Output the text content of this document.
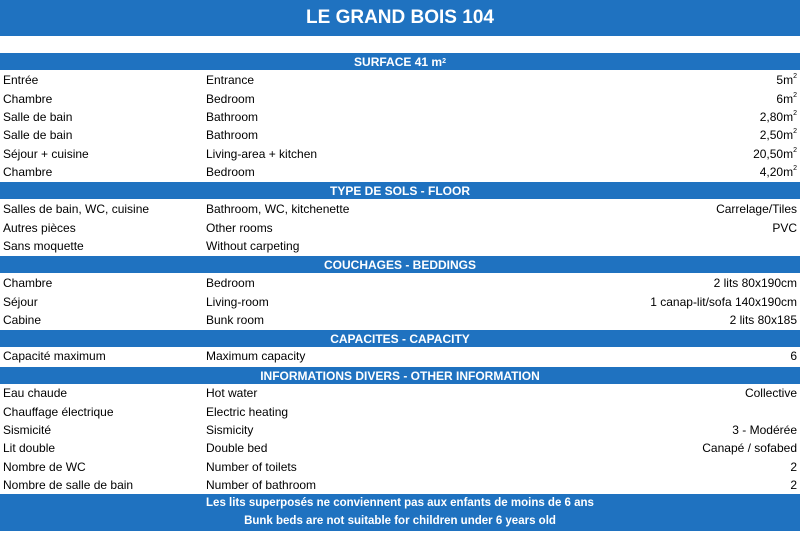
LE GRAND BOIS 104
SURFACE 41 m 2
Entrée	Entrance	$5m^2$
Chambre	Bedroom	$6m^2$
Salle de bain	Bathroom	$2,80m^2$
Salle de bain	Bathroom	$2,50m^2$
Séjour + cuisine	Living-area + kitchen	$20,50m^2$
Chambre	Bedroom	$4,20m^2$
TYPE DE SOLS - FLOOR
Salles de bain, WC, cuisine	Bathroom, WC, kitchenette	Carrelage/Tiles
Autres pièces	Other rooms	PVC
Sans moquette	Without carpeting
COUCHAGES - BEDDINGS
Chambre	Bedroom	2 lits 80x190cm
Séjour	Living-room	1 canap-lit/sofa 140x190cm
Cabine	Bunk room	2 lits 80x185
CAPACITES - CAPACITY
Capacité maximum	Maximum capacity	6
INFORMATIONS DIVERS - OTHER INFORMATION
Eau chaude	Hot water	Collective
Chauffage électrique	Electric heating
Sismicité	Sismicity	3 - Modérée
Lit double	Double bed	Canapé / sofabed
Nombre de WC	Number of toilets	2
Nombre de salle de bain	Number of bathroom	2
Les lits superposés ne conviennent pas aux enfants de moins de 6 ans
Bunk beds are not suitable for children under 6 years old
